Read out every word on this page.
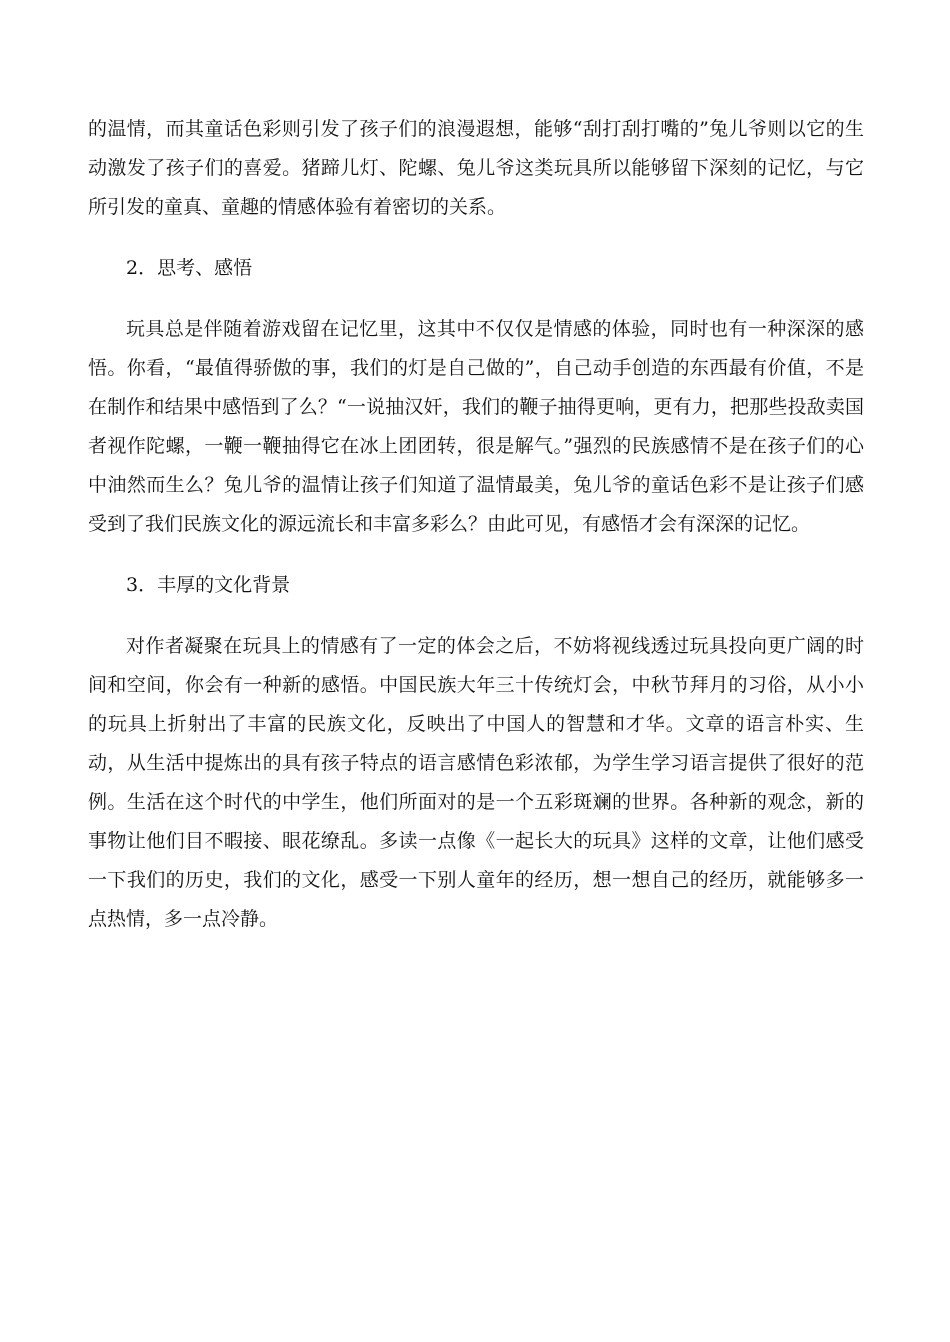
的温情，而其童话色彩则引发了孩子们的浪漫遐想，能够“刮打刮打嘴的”兔儿爷则以它的生动激发了孩子们的喜爱。猪蹄儿灯、陀螺、兔儿爷这类玩具所以能够留下深刻的记忆，与它所引发的童真、童趣的情感体验有着密切的关系。

2．思考、感悟

玩具总是伴随着游戏留在记忆里，这其中不仅仅是情感的体验，同时也有一种深深的感悟。你看，“最值得骄傲的事，我们的灯是自己做的”，自己动手创造的东西最有价值，不是在制作和结果中感悟到了么？“一说抽汉奸，我们的鞭子抽得更响，更有力，把那些投敌卖国者视作陀螺，一鞭一鞭抽得它在冰上团团转，很是解气。”强烈的民族感情不是在孩子们的心中油然而生么？兔儿爷的温情让孩子们知道了温情最美，兔儿爷的童话色彩不是让孩子们感受到了我们民族文化的源远流长和丰富多彩么？由此可见，有感悟才会有深深的记忆。

3．丰厚的文化背景

对作者凝聚在玩具上的情感有了一定的体会之后，不妨将视线透过玩具投向更广阔的时间和空间，你会有一种新的感悟。中国民族大年三十传统灯会，中秋节拜月的习俗，从小小的玩具上折射出了丰富的民族文化，反映出了中国人的智慧和才华。文章的语言朴实、生动，从生活中提炼出的具有孩子特点的语言感情色彩浓郁，为学生学习语言提供了很好的范例。生活在这个时代的中学生，他们所面对的是一个五彩斑斓的世界。各种新的观念，新的事物让他们目不暇接、眼花缭乱。多读一点像《一起长大的玩具》这样的文章，让他们感受一下我们的历史，我们的文化，感受一下别人童年的经历，想一想自己的经历，就能够多一点热情，多一点冷静。
